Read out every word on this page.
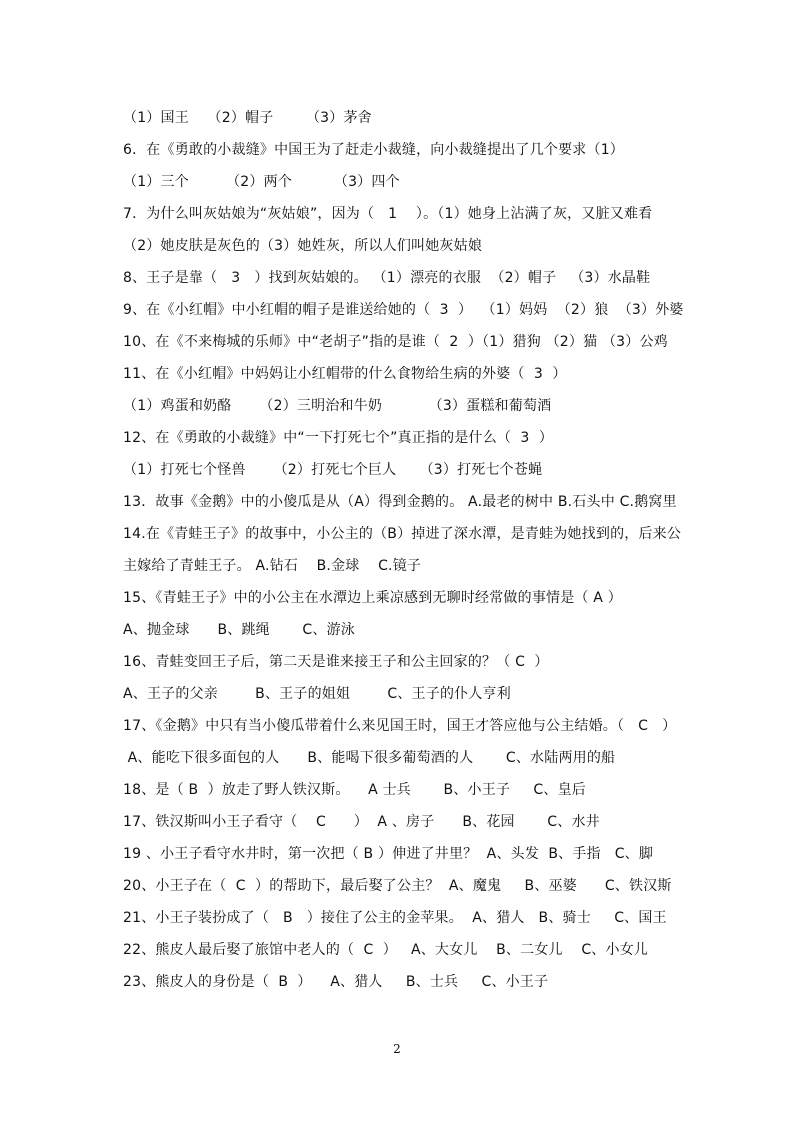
（1）国王    （2）帽子       （3）茅舍
6．在《勇敢的小裁缝》中国王为了赶走小裁缝，向小裁缝提出了几个要求（1）
（1）三个        （2）两个         （3）四个
7．为什么叫灰姑娘为“灰姑娘”，因为（   1    ）。（1）她身上沾满了灰，又脏又难看
（2）她皮肤是灰色的（3）她姓灰，所以人们叫她灰姑娘
8、王子是靠（   3   ）找到灰姑娘的。 （1）漂亮的衣服  （2）帽子   （3）水晶鞋
9、在《小红帽》中小红帽的帽子是谁送给她的（  3  ）  （1）妈妈  （2）狼  （3）外婆
10、在《不来梅城的乐师》中“老胡子”指的是谁（  2  ）（1）猎狗 （2）猫 （3）公鸡
11、在《小红帽》中妈妈让小红帽带的什么食物给生病的外婆（  3  ）
（1）鸡蛋和奶酪      （2）三明治和牛奶          （3）蛋糕和葡萄酒
12、在《勇敢的小裁缝》中“一下打死七个”真正指的是什么（  3  ）
（1）打死七个怪兽      （2）打死七个巨人     （3）打死七个苍蝇
13．故事《金鹅》中的小傻瓜是从（A）得到金鹅的。 A.最老的树中 B.石头中 C.鹅窝里
14.在《青蛙王子》的故事中，小公主的（B）掉进了深水潭，是青蛙为她找到的，后来公
主嫁给了青蛙王子。 A.钻石    B.金球    C.镜子
15、《青蛙王子》中的小公主在水潭边上乘凉感到无聊时经常做的事情是（ A ）
A、抛金球      B、跳绳       C、游泳
16、青蛙变回王子后，第二天是谁来接王子和公主回家的？（ C  ）
A、王子的父亲        B、王子的姐姐        C、王子的仆人亨利
17、《金鹅》中只有当小傻瓜带着什么来见国王时，国王才答应他与公主结婚。（   C   ）
A、能吃下很多面包的人      B、能喝下很多葡萄酒的人       C、水陆两用的船
18、是（ B  ）放走了野人铁汉斯。    A 士兵       B、小王子     C、皇后
17、铁汉斯叫小王子看守（    C      ）  A 、房子      B、花园       C、水井
19 、小王子看守水井时，第一次把（ B ）伸进了井里？  A、头发  B、手指   C、脚
20、小王子在（  C  ）的帮助下，最后娶了公主？  A、魔鬼     B、巫婆      C、铁汉斯
21、小王子装扮成了（   B   ）接住了公主的金苹果。  A、猎人   B、骑士     C、国王
22、熊皮人最后娶了旅馆中老人的（  C  ）   A、大女儿    B、二女儿    C、小女儿
23、熊皮人的身份是（  B  ）    A、猎人     B、士兵     C、小王子
2
